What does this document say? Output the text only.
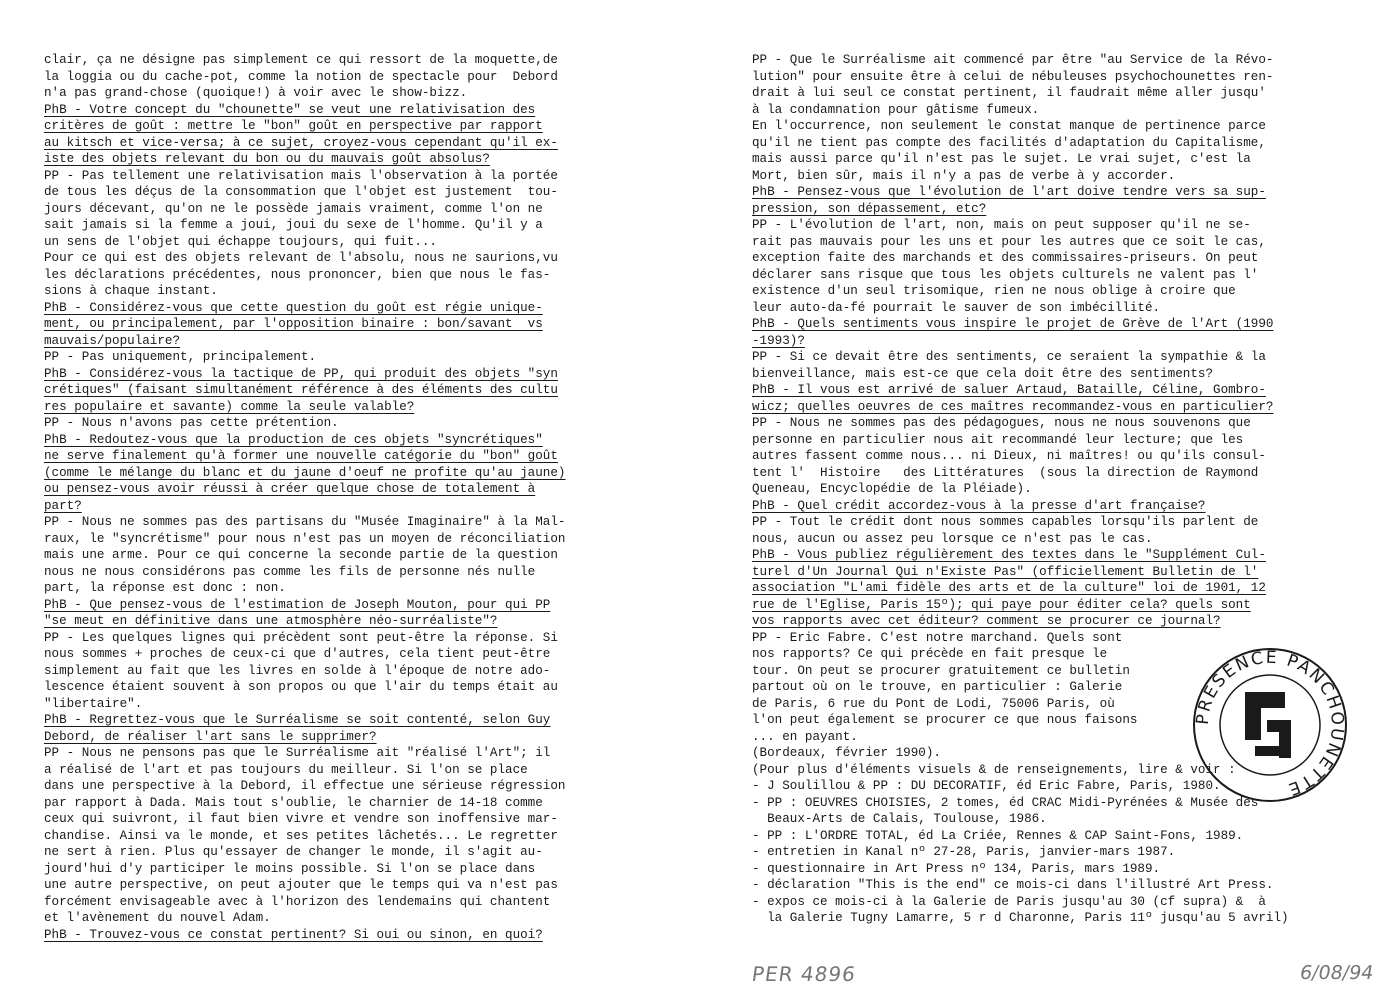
clair, ça ne désigne pas simplement ce qui ressort de la moquette,de
la loggia ou du cache-pot, comme la notion de spectacle pour  Debord
n'a pas grand-chose (quoique!) à voir avec le show-bizz.
PhB - Votre concept du "chounette" se veut une relativisation des
critères de goût : mettre le "bon" goût en perspective par rapport
au kitsch et vice-versa; à ce sujet, croyez-vous cependant qu'il ex-
iste des objets relevant du bon ou du mauvais goût absolus?
PP - Pas tellement une relativisation mais l'observation à la portée
de tous les déçus de la consommation que l'objet est justement  tou-
jours décevant, qu'on ne le possède jamais vraiment, comme l'on ne
sait jamais si la femme a joui, joui du sexe de l'homme. Qu'il y a
un sens de l'objet qui échappe toujours, qui fuit...
Pour ce qui est des objets relevant de l'absolu, nous ne saurions,vu
les déclarations précédentes, nous prononcer, bien que nous le fas-
sions à chaque instant.
PhB - Considérez-vous que cette question du goût est régie unique-
ment, ou principalement, par l'opposition binaire : bon/savant  vs
mauvais/populaire?
PP - Pas uniquement, principalement.
PhB - Considérez-vous la tactique de PP, qui produit des objets "syn
crétiques" (faisant simultanément référence à des éléments des cultu
res populaire et savante) comme la seule valable?
PP - Nous n'avons pas cette prétention.
PhB - Redoutez-vous que la production de ces objets "syncrétiques"
ne serve finalement qu'à former une nouvelle catégorie du "bon" goût
(comme le mélange du blanc et du jaune d'oeuf ne profite qu'au jaune)
ou pensez-vous avoir réussi à créer quelque chose de totalement à
part?
PP - Nous ne sommes pas des partisans du "Musée Imaginaire" à la Mal-
raux, le "syncrétisme" pour nous n'est pas un moyen de réconciliation
mais une arme. Pour ce qui concerne la seconde partie de la question
nous ne nous considérons pas comme les fils de personne nés nulle
part, la réponse est donc : non.
PhB - Que pensez-vous de l'estimation de Joseph Mouton, pour qui PP
"se meut en définitive dans une atmosphère néo-surréaliste"?
PP - Les quelques lignes qui précèdent sont peut-être la réponse. Si
nous sommes + proches de ceux-ci que d'autres, cela tient peut-être
simplement au fait que les livres en solde à l'époque de notre ado-
lescence étaient souvent à son propos ou que l'air du temps était au
"libertaire".
PhB - Regrettez-vous que le Surréalisme se soit contenté, selon Guy
Debord, de réaliser l'art sans le supprimer?
PP - Nous ne pensons pas que le Surréalisme ait "réalisé l'Art"; il
a réalisé de l'art et pas toujours du meilleur. Si l'on se place
dans une perspective à la Debord, il effectue une sérieuse régression
par rapport à Dada. Mais tout s'oublie, le charnier de 14-18 comme
ceux qui suivront, il faut bien vivre et vendre son inoffensive mar-
chandise. Ainsi va le monde, et ses petites lâchetés... Le regretter
ne sert à rien. Plus qu'essayer de changer le monde, il s'agit au-
jourd'hui d'y participer le moins possible. Si l'on se place dans
une autre perspective, on peut ajouter que le temps qui va n'est pas
forcément envisageable avec à l'horizon des lendemains qui chantent
et l'avènement du nouvel Adam.
PhB - Trouvez-vous ce constat pertinent? Si oui ou sinon, en quoi?
PP - Que le Surréalisme ait commencé par être "au Service de la Révo-
lution" pour ensuite être à celui de nébuleuses psychochounettes ren-
drait à lui seul ce constat pertinent, il faudrait même aller jusqu'
à la condamnation pour gâtisme fumeux.
En l'occurrence, non seulement le constat manque de pertinence parce
qu'il ne tient pas compte des facilités d'adaptation du Capitalisme,
mais aussi parce qu'il n'est pas le sujet. Le vrai sujet, c'est la
Mort, bien sûr, mais il n'y a pas de verbe à y accorder.
PhB - Pensez-vous que l'évolution de l'art doive tendre vers sa sup-
pression, son dépassement, etc?
PP - L'évolution de l'art, non, mais on peut supposer qu'il ne se-
rait pas mauvais pour les uns et pour les autres que ce soit le cas,
exception faite des marchands et des commissaires-priseurs. On peut
déclarer sans risque que tous les objets culturels ne valent pas l'
existence d'un seul trisomique, rien ne nous oblige à croire que
leur auto-da-fé pourrait le sauver de son imbécillité.
PhB - Quels sentiments vous inspire le projet de Grève de l'Art (1990
-1993)?
PP - Si ce devait être des sentiments, ce seraient la sympathie & la
bienveillance, mais est-ce que cela doit être des sentiments?
PhB - Il vous est arrivé de saluer Artaud, Bataille, Céline, Gombro-
wicz; quelles oeuvres de ces maîtres recommandez-vous en particulier?
PP - Nous ne sommes pas des pédagogues, nous ne nous souvenons que
personne en particulier nous ait recommandé leur lecture; que les
autres fassent comme nous... ni Dieux, ni maîtres! ou qu'ils consul-
tent l'  Histoire   des Littératures  (sous la direction de Raymond
Queneau, Encyclopédie de la Pléiade).
PhB - Quel crédit accordez-vous à la presse d'art française?
PP - Tout le crédit dont nous sommes capables lorsqu'ils parlent de
nous, aucun ou assez peu lorsque ce n'est pas le cas.
PhB - Vous publiez régulièrement des textes dans le "Supplément Cul-
turel d'Un Journal Qui n'Existe Pas" (officiellement Bulletin de l'
association "L'ami fidèle des arts et de la culture" loi de 1901, 12
rue de l'Eglise, Paris 15º); qui paye pour éditer cela? quels sont
vos rapports avec cet éditeur? comment se procurer ce journal?
PP - Eric Fabre. C'est notre marchand. Quels sont
nos rapports? Ce qui précède en fait presque le
tour. On peut se procurer gratuitement ce bulletin
partout où on le trouve, en particulier : Galerie
de Paris, 6 rue du Pont de Lodi, 75006 Paris, où
l'on peut également se procurer ce que nous faisons
... en payant.
(Bordeaux, février 1990).
(Pour plus d'éléments visuels & de renseignements, lire & voir :
- J Soulillou & PP : DU DECORATIF, éd Eric Fabre, Paris, 1980.
- PP : OEUVRES CHOISIES, 2 tomes, éd CRAC Midi-Pyrénées & Musée des
Beaux-Arts de Calais, Toulouse, 1986.
- PP : L'ORDRE TOTAL, éd La Criée, Rennes & CAP Saint-Fons, 1989.
- entretien in Kanal nº 27-28, Paris, janvier-mars 1987.
- questionnaire in Art Press nº 134, Paris, mars 1989.
- déclaration "This is the end" ce mois-ci dans l'illustré Art Press.
- expos ce mois-ci à la Galerie de Paris jusqu'au 30 (cf supra) &  à
la Galerie Tugny Lamarre, 5 r d Charonne, Paris 11º jusqu'au 5 avril)
PRESENCE PANCHOUNETTE
PER 4896	6/08/94
